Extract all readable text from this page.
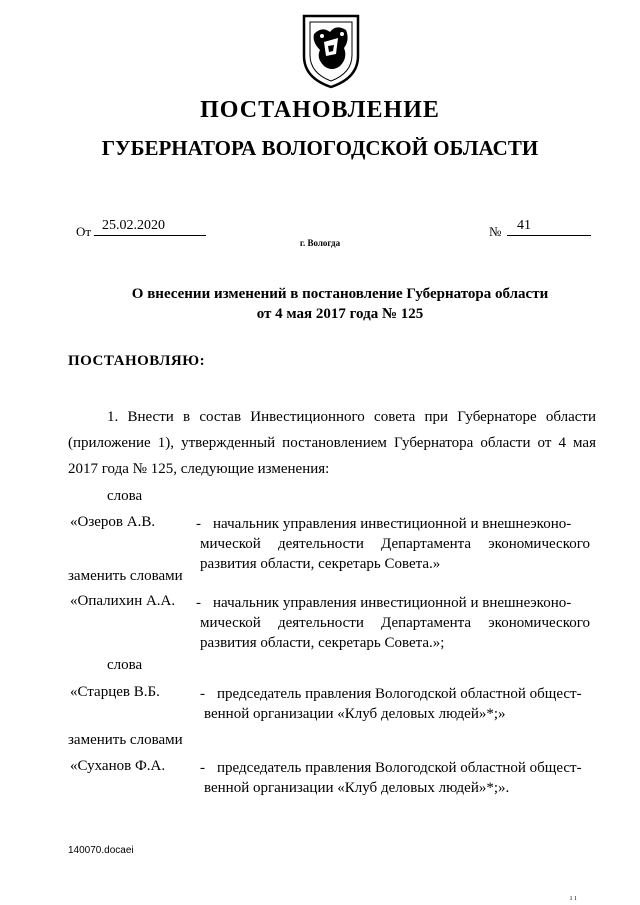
ПОСТАНОВЛЕНИЕ
ГУБЕРНАТОРА ВОЛОГОДСКОЙ ОБЛАСТИ
От 25.02.2020	№	41
г. Вологда
О внесении изменений в постановление Губернатора области
от 4 мая 2017 года № 125
ПОСТАНОВЛЯЮ:
1. Внести в состав Инвестиционного совета при Губернаторе области (приложение 1), утвержденный постановлением Губернатора области от 4 мая 2017 года № 125, следующие изменения:
слова
«Озеров А.В.	- начальник управления инвестиционной и внешнеэконо-
мической деятельности Департамента экономического развития области, секретарь Совета.»
заменить словами
«Опалихин А.А. - начальник управления инвестиционной и внешнеэконо-
мической деятельности Департамента экономического развития области, секретарь Совета.»;
слова
«Старцев В.Б.	- председатель правления Вологодской областной общест-
венной организации «Клуб деловых людей»*;»
заменить словами
«Суханов Ф.А. - председатель правления Вологодской областной общест-
венной организации «Клуб деловых людей»*;».
140070.docaei
ı ı
